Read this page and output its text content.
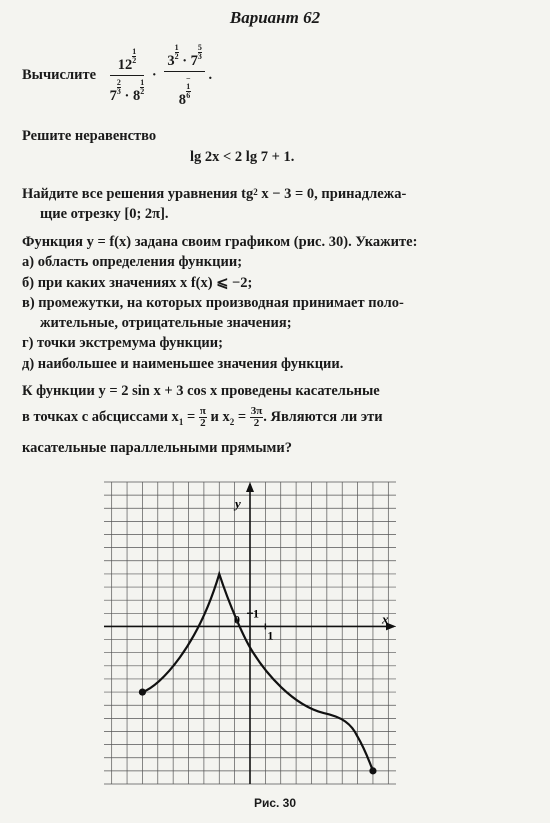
Вариант 62
Вычислите $\frac{12 \frac{1}{2}}{7 \frac{2}{3} \cdot 8 \frac{1}{2}} \cdot 3 \frac{1}{2} \cdot 7 \frac{5}{3}$
8 −
1
6 .
Решите неравенство
lg 2x < 2 lg 7 + 1.
Найдите все решения уравнения $tg^2$ x − 3 = 0, принадлежа-
щие отрезку [0; 2π].
Функция y = f(x) задана своим графиком (рис. 30). Укажите:
а) область определения функции;
б) при каких значениях x f(x) ⩽ −2;
в) промежутки, на которых производная принимает поло-
жительные, отрицательные значения;
г) точки экстремума функции;
д) наибольшее и наименьшее значения функции.
К функции y = 2 sin x + 3 cos x проведены касательные
в точках с абсциссами $x_1 = \frac{\pi}{2}$ и $x_2 = \frac{3\pi}{2}$ . Являются ли эти
касательные параллельными прямыми?
x
y
0
1
1
Рис. 30
